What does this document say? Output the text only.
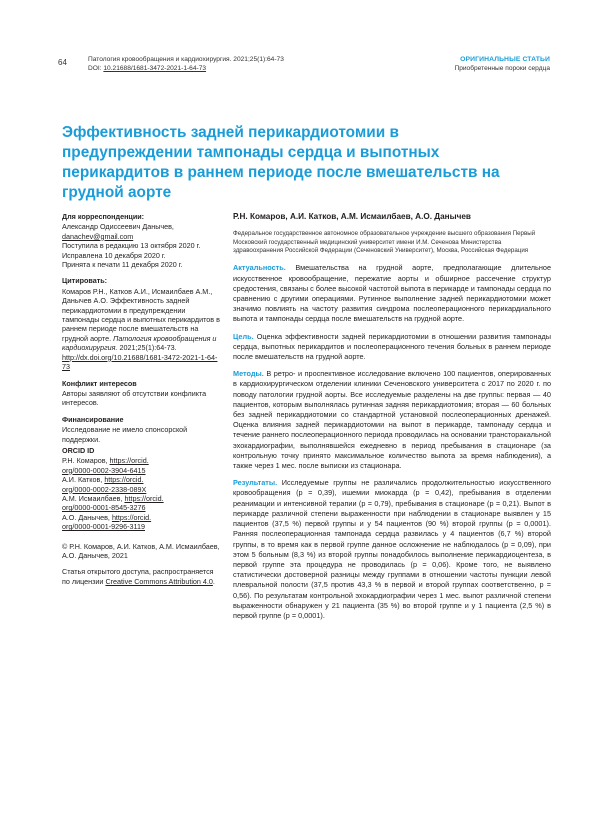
64	Патология кровообращения и кардиохирургия. 2021;25(1):64-73
DOI: 10.21688/1681-3472-2021-1-64-73
ОРИГИНАЛЬНЫЕ СТАТЬИ
Приобретенные пороки сердца
Эффективность задней перикардиотомии в предупреждении тампонады сердца и выпотных перикардитов в раннем периоде после вмешательств на грудной аорте
Для корреспонденции:

Александр Одиссеевич Данычев,

danachev@gmail.com

Поступила в редакцию 13 октября 2020 г.

Исправлена 10 декабря 2020 г.

Принята к печати 11 декабря 2020 г.

Цитировать:

Комаров Р.Н., Катков А.И., Исмаилбаев А.М., Данычев А.О. Эффективность задней перикардиотомии в предупреждении тампонады сердца и выпотных перикардитов в раннем периоде после вмешательств на грудной аорте. Патология кровообращения и кардиохирургия. 2021;25(1):64-73. http://dx.doi.org/10.21688/1681-3472-2021-1-64-73

Конфликт интересов

Авторы заявляют об отсутствии конфликта интересов.

Финансирование

Исследование не имело спонсорской поддержки.

ORCID ID

Р.Н. Комаров, https://orcid.
org/0000-0002-3904-6415

А.И. Катков, https://orcid.
org/0000-0002-2338-089X

А.М. Исмаилбаев, https://orcid.
org/0000-0001-8545-3276

А.О. Данычев, https://orcid.
org/0000-0001-9296-3119

© Р.Н. Комаров, А.И. Катков, А.М. Исмаилбаев, А.О. Данычев, 2021

Статья открытого доступа, распространяется по лицензии Creative Commons Attribution 4.0.

Р.Н. Комаров, А.И. Катков, А.М. Исмаилбаев, А.О. Данычев
Федеральное государственное автономное образовательное учреждение высшего образования Первый Московский государственный медицинский университет имени И.М. Сеченова Министерства здравоохранения Российской Федерации (Сеченовский Университет), Москва, Российская Федерация

Актуальность. Вмешательства на грудной аорте, предполагающие длительное искусственное кровообращение, пережатие аорты и обширное рассечение структур средостения, связаны с более высокой частотой выпота в перикарде и тампонады сердца по сравнению с другими операциями. Рутинное выполнение задней перикардиотомии может значимо повлиять на частоту развития синдрома послеоперационного перикардиального выпота и тампонады сердца после вмешательств на грудной аорте.

Цель. Оценка эффективности задней перикардиотомии в отношении развития тампонады сердца, выпотных перикардитов и послеоперационного течения больных в раннем периоде после вмешательств на грудной аорте.

Методы. В ретро- и проспективное исследование включено 100 пациентов, оперированных в кардиохирургическом отделении клиники Сеченовского университета с 2017 по 2020 г. по поводу патологии грудной аорты. Все исследуемые разделены на две группы: первая — 40 пациентов, которым выполнялась рутинная задняя перикардиотомия; вторая — 60 больных без задней перикардиотомии со стандартной установкой послеоперационных дренажей. Оценка влияния задней перикардиотомии на выпот в перикарде, тампонаду сердца и течение раннего послеоперационного периода проводилась на основании трансторакальной эхокардиографии, выполнявшейся ежедневно в период пребывания в стационаре (за контрольную точку принято максимальное количество выпота за время наблюдения), а также через 1 мес. после выписки из стационара.

Результаты. Исследуемые группы не различались продолжительностью искусственного кровообращения (p = 0,39), ишемии миокарда (p = 0,42), пребывания в отделении реанимации и интенсивной терапии (p = 0,79), пребывания в стационаре (p = 0,21). Выпот в перикарде различной степени выраженности при наблюдении в стационаре выявлен у 15 пациентов (37,5 %) первой группы и у 54 пациентов (90 %) второй группы (p = 0,0001). Ранняя послеоперационная тампонада сердца развилась у 4 пациентов (6,7 %) второй группы, в то время как в первой группе данное осложнение не наблюдалось (p = 0,09), при этом 5 больным (8,3 %) из второй группы понадобилось выполнение перикардиоцентеза, в первой группе эта процедура не проводилась (p = 0,06). Кроме того, не выявлено статистически достоверной разницы между группами в отношении частоты пункции левой плевральной полости (37,5 против 43,3 % в первой и второй группах соответственно, p = 0,56). По результатам контрольной эхокардиографии через 1 мес. выпот различной степени выраженности обнаружен у 21 пациента (35 %) во второй группе и у 1 пациента (2,5 %) в первой группе (p = 0,0001).
